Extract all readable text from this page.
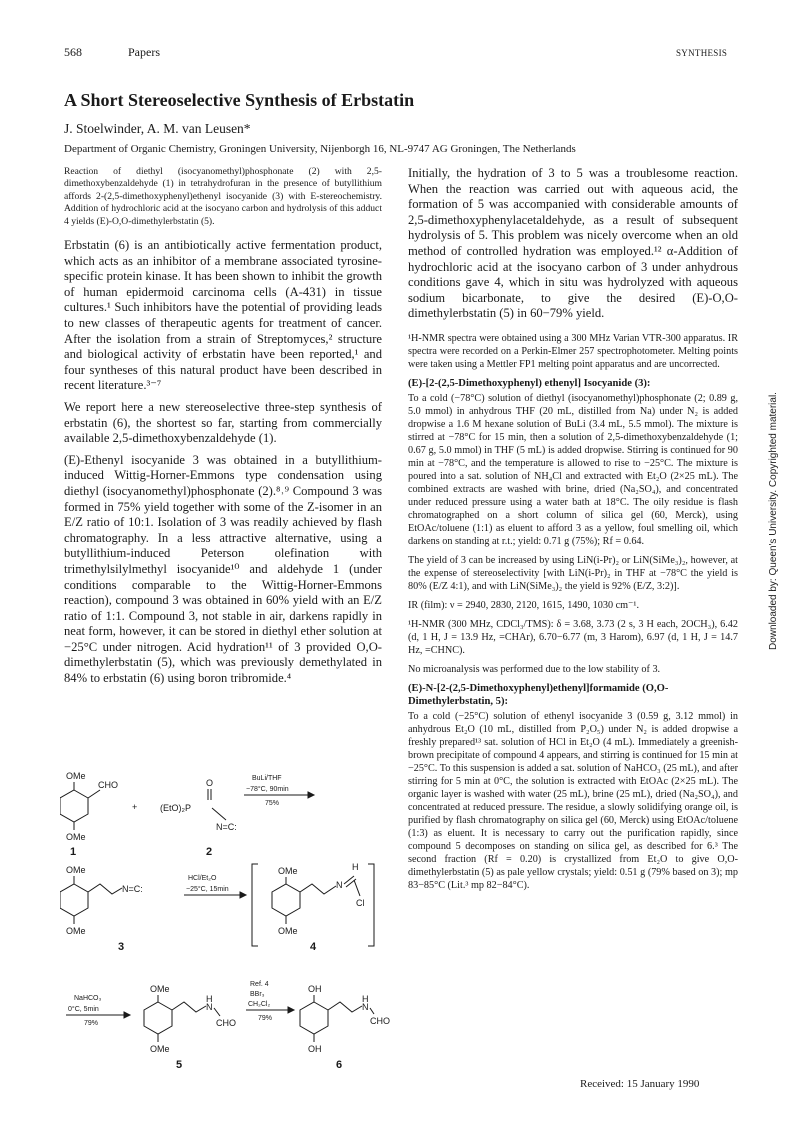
568	Papers	SYNTHESIS
A Short Stereoselective Synthesis of Erbstatin
J. Stoelwinder, A. M. van Leusen*
Department of Organic Chemistry, Groningen University, Nijenborgh 16, NL-9747 AG Groningen, The Netherlands

Reaction of diethyl (isocyanomethyl)phosphonate (2) with 2,5-dimethoxybenzaldehyde (1) in tetrahydrofuran in the presence of butyllithium affords 2-(2,5-dimethoxyphenyl)ethenyl isocyanide (3) with E-stereochemistry. Addition of hydrochloric acid at the isocyano carbon and hydrolysis of this adduct 4 yields (E)-O,O-dimethylerbstatin (5).

Erbstatin (6) is an antibiotically active fermentation product, which acts as an inhibitor of a membrane associated tyrosine-specific protein kinase. It has been shown to inhibit the growth of human epidermoid carcinoma cells (A-431) in tissue cultures.¹ Such inhibitors have the potential of providing leads to new classes of therapeutic agents for treatment of cancer. After the isolation from a strain of Streptomyces,² structure and biological activity of erbstatin have been reported,¹ and four syntheses of this natural product have been described in recent literature.³⁻⁷

We report here a new stereoselective three-step synthesis of erbstatin (6), the shortest so far, starting from commercially available 2,5-dimethoxybenzaldehyde (1).

(E)-Ethenyl isocyanide 3 was obtained in a butyllithium-induced Wittig-Horner-Emmons type condensation using diethyl (isocyanomethyl)phosphonate (2).⁸˒⁹ Compound 3 was formed in 75% yield together with some of the Z-isomer in an E/Z ratio of 10:1. Isolation of 3 was readily achieved by flash chromatography. In a less attractive alternative, using a butyllithium-induced Peterson olefination with trimethylsilylmethyl isocyanide¹⁰ and aldehyde 1 (under conditions comparable to the Wittig-Horner-Emmons reaction), compound 3 was obtained in 60% yield with an E/Z ratio of 1:1. Compound 3, not stable in air, darkens rapidly in neat form, however, it can be stored in diethyl ether solution at −25°C under nitrogen. Acid hydration¹¹ of 3 provided O,O-dimethylerbstatin (5), which was previously demethylated in 84% to erbstatin (6) using boron tribromide.⁴

OMe
CHO
OMe
1
+
O
(EtO)₂P
N=C:
2
BuLi/THF
−78°C, 90min
75%
OMe
N=C:
OMe
3
HCl/Et₂O
−25°C, 15min
OMe
N
H
Cl
OMe
4
NaHCO₃
0°C, 5min
79%
OMe
H
N
CHO
OMe
5
Ref. 4
BBr₃
CH₂Cl₂
79%
OH
H
N
CHO
OH
6

Initially, the hydration of 3 to 5 was a troublesome reaction. When the reaction was carried out with aqueous acid, the formation of 5 was accompanied with considerable amounts of 2,5-dimethoxyphenylacetaldehyde, as a result of subsequent hydrolysis of 5. This problem was nicely overcome when an old method of controlled hydration was employed.¹² α-Addition of hydrochloric acid at the isocyano carbon of 3 under anhydrous conditions gave 4, which in situ was hydrolyzed with aqueous sodium bicarbonate, to give the desired (E)-O,O-dimethylerbstatin (5) in 60−79% yield.

¹H-NMR spectra were obtained using a 300 MHz Varian VTR-300 apparatus. IR spectra were recorded on a Perkin-Elmer 257 spectrophotometer. Melting points were taken using a Mettler FP1 melting point apparatus and are uncorrected.

(E)-[2-(2,5-Dimethoxyphenyl) ethenyl] Isocyanide (3):

To a cold (−78°C) solution of diethyl (isocyanomethyl)phosphonate (2; 0.89 g, 5.0 mmol) in anhydrous THF (20 mL, distilled from Na) under N₂ is added dropwise a 1.6 M hexane solution of BuLi (3.4 mL, 5.5 mmol). The mixture is stirred at −78°C for 15 min, then a solution of 2,5-dimethoxybenzaldehyde (1; 0.67 g, 5.0 mmol) in THF (5 mL) is added dropwise. Stirring is continued for 90 min at −78°C, and the temperature is allowed to rise to −25°C. The mixture is poured into a sat. solution of NH₄Cl and extracted with Et₂O (2×25 mL). The combined extracts are washed with brine, dried (Na₂SO₄), and concentrated under reduced pressure using a water bath at 18°C. The oily residue is flash chromatographed on a short column of silica gel (60, Merck), using EtOAc/toluene (1:1) as eluent to afford 3 as a yellow, foul smelling oil, which darkens on standing at r.t.; yield: 0.71 g (75%); Rf = 0.64.

The yield of 3 can be increased by using LiN(i-Pr)₂ or LiN(SiMe₃)₂, however, at the expense of stereoselectivity [with LiN(i-Pr)₂ in THF at −78°C the yield is 80% (E/Z 4:1), and with LiN(SiMe₃)₂ the yield is 92% (E/Z, 3:2)].

IR (film): ν = 2940, 2830, 2120, 1615, 1490, 1030 cm⁻¹.

¹H-NMR (300 MHz, CDCl₃/TMS): δ = 3.68, 3.73 (2 s, 3 H each, 2OCH₃), 6.42 (d, 1 H, J = 13.9 Hz, =CHAr), 6.70−6.77 (m, 3 Harom), 6.97 (d, 1 H, J = 14.7 Hz, =CHNC).

No microanalysis was performed due to the low stability of 3.

(E)-N-[2-(2,5-Dimethoxyphenyl)ethenyl]formamide (O,O-Dimethylerbstatin, 5):

To a cold (−25°C) solution of ethenyl isocyanide 3 (0.59 g, 3.12 mmol) in anhydrous Et₂O (10 mL, distilled from P₂O₅) under N₂ is added dropwise a freshly prepared¹³ sat. solution of HCl in Et₂O (4 mL). Immediately a greenish-brown precipitate of compound 4 appears, and stirring is continued for 15 min at −25°C. To this suspension is added a sat. solution of NaHCO₃ (25 mL), and after stirring for 5 min at 0°C, the solution is extracted with EtOAc (2×25 mL). The organic layer is washed with water (25 mL), brine (25 mL), dried (Na₂SO₄), and concentrated at reduced pressure. The residue, a slowly solidifying orange oil, is purified by flash chromatography on silica gel (60, Merck) using EtOAc/toluene (1:3) as eluent. It is necessary to carry out the purification rapidly, since compound 5 decomposes on standing on silica gel, as described for 6.³ The second fraction (Rf = 0.20) is crystallized from Et₂O to give O,O-dimethylerbstatin (5) as pale yellow crystals; yield: 0.51 g (79% based on 3); mp 83−85°C (Lit.³ mp 82−84°C).

Received: 15 January 1990
Downloaded by: Queen's University. Copyrighted material.
